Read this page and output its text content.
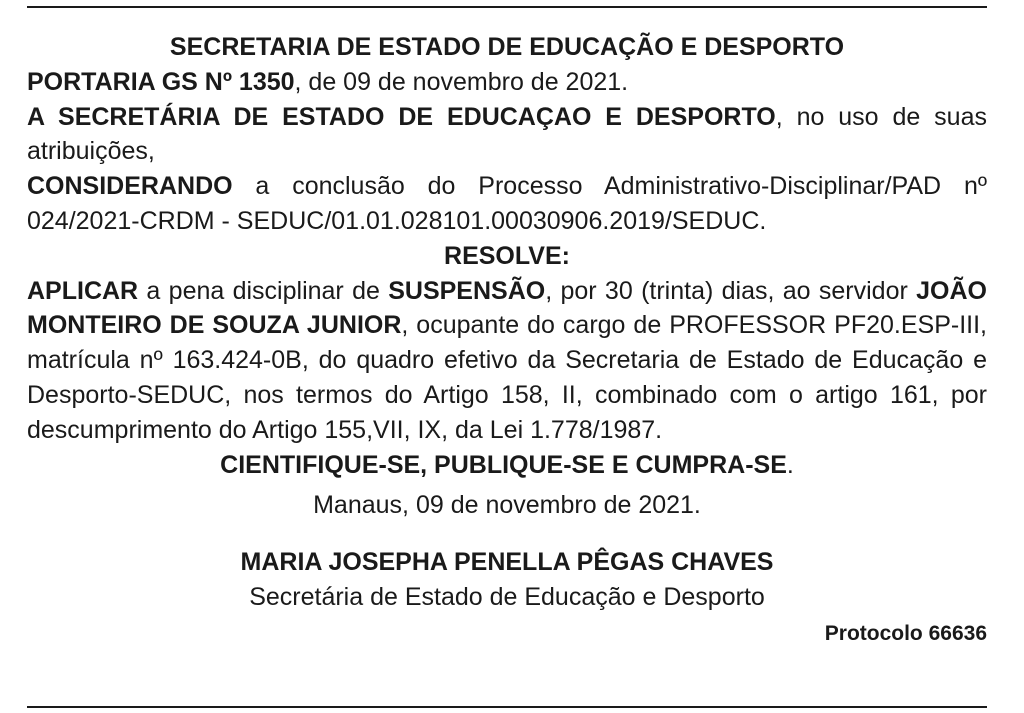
SECRETARIA DE ESTADO DE EDUCAÇÃO E DESPORTO
PORTARIA GS Nº 1350, de 09 de novembro de 2021.
A SECRETÁRIA DE ESTADO DE EDUCAÇAO E DESPORTO, no uso de suas atribuições,
CONSIDERANDO a conclusão do Processo Administrativo-Disciplinar/PAD nº 024/2021-CRDM - SEDUC/01.01.028101.00030906.2019/SEDUC.
RESOLVE:
APLICAR a pena disciplinar de SUSPENSÃO, por 30 (trinta) dias, ao servidor JOÃO MONTEIRO DE SOUZA JUNIOR, ocupante do cargo de PROFESSOR PF20.ESP-III, matrícula nº 163.424-0B, do quadro efetivo da Secretaria de Estado de Educação e Desporto-SEDUC, nos termos do Artigo 158, II, combinado com o artigo 161, por descumprimento do Artigo 155,VII, IX, da Lei 1.778/1987.
CIENTIFIQUE-SE, PUBLIQUE-SE E CUMPRA-SE.
Manaus, 09 de novembro de 2021.
MARIA JOSEPHA PENELLA PÊGAS CHAVES
Secretária de Estado de Educação e Desporto
Protocolo 66636
